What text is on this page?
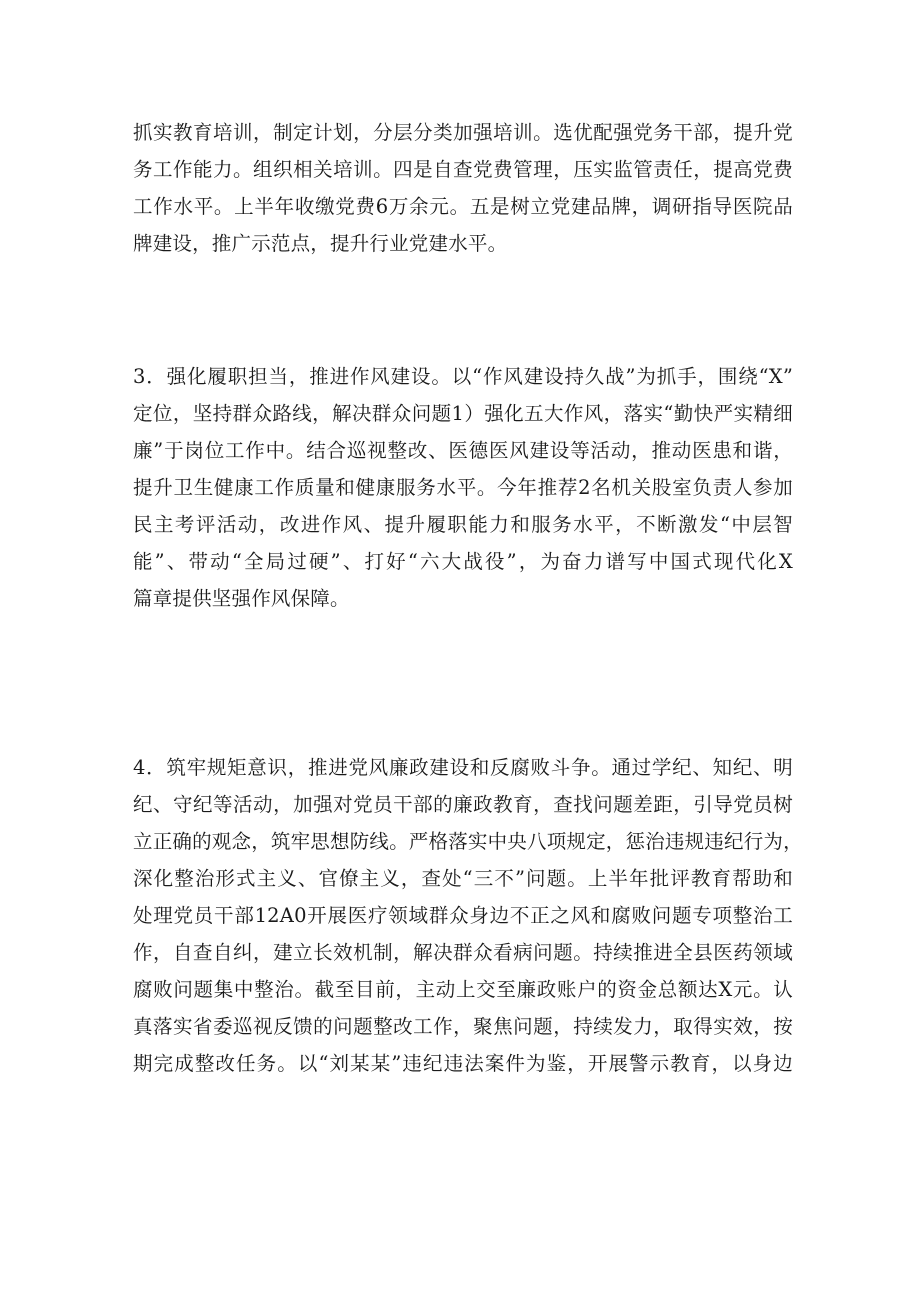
抓实教育培训，制定计划，分层分类加强培训。选优配强党务干部，提升党
务工作能力。组织相关培训。四是自查党费管理，压实监管责任，提高党费
工作水平。上半年收缴党费6万余元。五是树立党建品牌，调研指导医院品
牌建设，推广示范点，提升行业党建水平。
3．强化履职担当，推进作风建设。以“作风建设持久战”为抓手，围绕“X”
定位，坚持群众路线，解决群众问题1）强化五大作风，落实“勤快严实精细
廉”于岗位工作中。结合巡视整改、医德医风建设等活动，推动医患和谐，
提升卫生健康工作质量和健康服务水平。今年推荐2名机关股室负责人参加
民主考评活动，改进作风、提升履职能力和服务水平，不断激发“中层智
能”、带动“全局过硬”、打好“六大战役”，为奋力谱写中国式现代化X
篇章提供坚强作风保障。
4．筑牢规矩意识，推进党风廉政建设和反腐败斗争。通过学纪、知纪、明
纪、守纪等活动，加强对党员干部的廉政教育，查找问题差距，引导党员树
立正确的观念，筑牢思想防线。严格落实中央八项规定，惩治违规违纪行为，
深化整治形式主义、官僚主义，查处“三不”问题。上半年批评教育帮助和
处理党员干部12A0开展医疗领域群众身边不正之风和腐败问题专项整治工
作，自查自纠，建立长效机制，解决群众看病问题。持续推进全县医药领域
腐败问题集中整治。截至目前，主动上交至廉政账户的资金总额达X元。认
真落实省委巡视反馈的问题整改工作，聚焦问题，持续发力，取得实效，按
期完成整改任务。以“刘某某”违纪违法案件为鉴，开展警示教育，以身边
